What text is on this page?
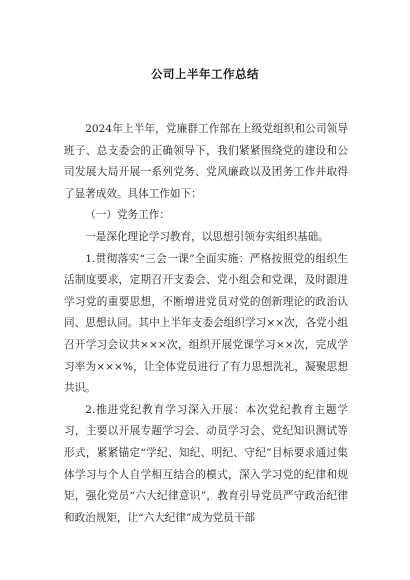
公司上半年工作总结

2024年上半年，党廉群工作部在上级党组织和公司领导班子、总支委会的正确领导下，我们紧紧围绕党的建设和公司发展大局开展一系列党务、党风廉政以及团务工作并取得了显著成效。具体工作如下：

（一）党务工作：

一是深化理论学习教育，以思想引领夯实组织基础。

1.贯彻落实“三会一课”全面实施：严格按照党的组织生活制度要求，定期召开支委会、党小组会和党课，及时跟进学习党的重要思想，不断增进党员对党的创新理论的政治认同、思想认同。其中上半年支委会组织学习××次，各党小组召开学习会议共×××次，组织开展党课学习××次，完成学习率为×××%，让全体党员进行了有力思想洗礼，凝聚思想共识。

2.推进党纪教育学习深入开展：本次党纪教育主题学习，主要以开展专题学习会、动员学习会、党纪知识测试等形式，紧紧锚定“学纪、知纪、明纪、守纪”目标要求通过集体学习与个人自学相互结合的模式，深入学习党的纪律和规矩，强化党员“六大纪律意识”，教育引导党员严守政治纪律和政治规矩，让“六大纪律”成为党员干部
